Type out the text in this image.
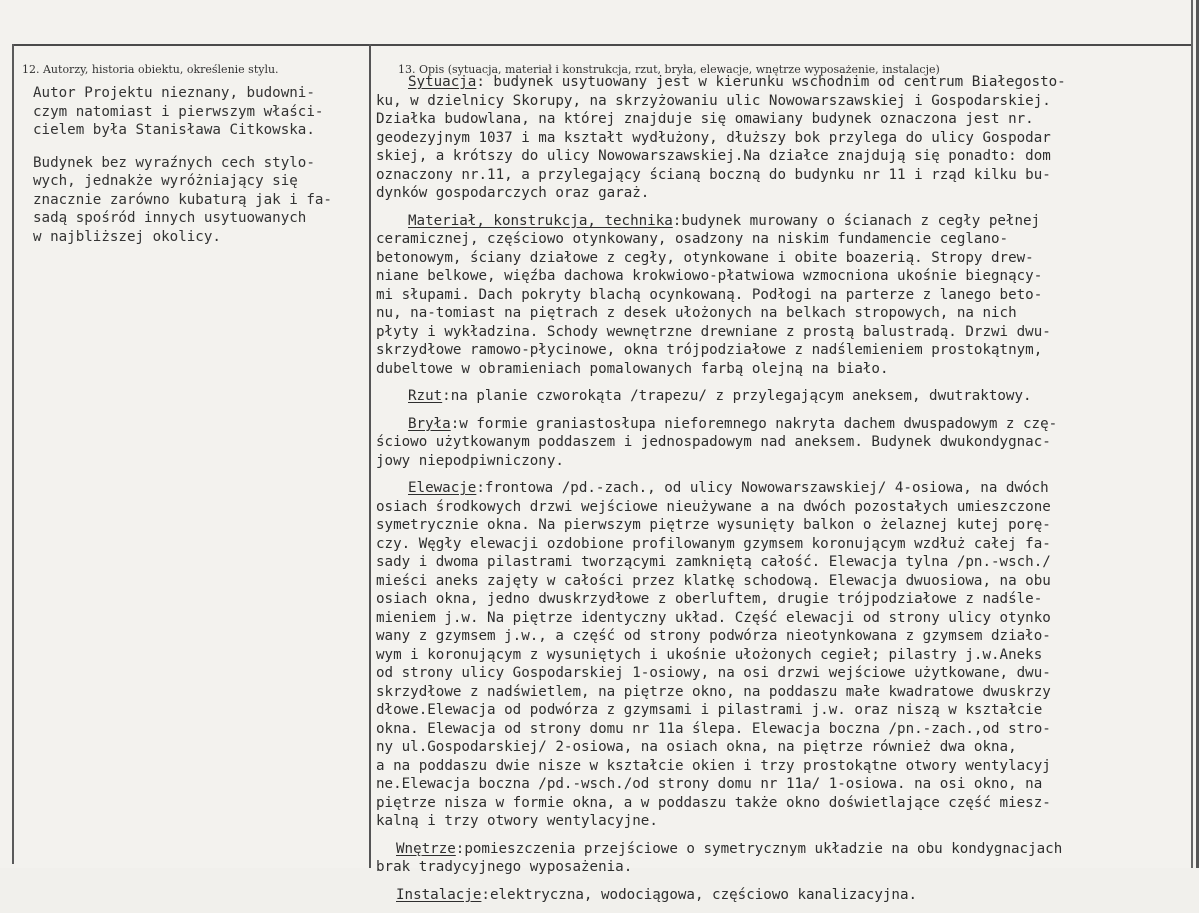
12. Autorzy, historia obiektu, określenie stylu.	13. Opis (sytuacja, materiał i konstrukcja, rzut, bryła, elewacje, wnętrze wyposażenie, instalacje)

Autor Projektu nieznany, budowni-
czym natomiast i pierwszym właści-
cielem była Stanisława Citkowska.

Budynek bez wyraźnych cech stylo-
wych, jednakże wyróżniający się
znacznie zarówno kubaturą jak i fa-
sadą spośród innych usytuowanych
w najbliższej okolicy.

Sytuacja: budynek usytuowany jest w kierunku wschodnim od centrum Białegosto-
ku, w dzielnicy Skorupy, na skrzyżowaniu ulic Nowowarszawskiej i Gospodarskiej.
Działka budowlana, na której znajduje się omawiany budynek oznaczona jest nr.
geodezyjnym 1037 i ma kształt wydłużony, dłuższy bok przylega do ulicy Gospodar
skiej, a krótszy do ulicy Nowowarszawskiej.Na działce znajdują się ponadto: dom
oznaczony nr.11, a przylegający ścianą boczną do budynku nr 11 i rząd kilku bu-
dynków gospodarczych oraz garaż.
Materiał, konstrukcja, technika:budynek murowany o ścianach z cegły pełnej
ceramicznej, częściowo otynkowany, osadzony na niskim fundamencie ceglano-
betonowym, ściany działowe z cegły, otynkowane i obite boazerią. Stropy drew-
niane belkowe, więźba dachowa krokwiowo-płatwiowa wzmocniona ukośnie biegnący-
mi słupami. Dach pokryty blachą ocynkowaną. Podłogi na parterze z lanego beto-
nu, na-tomiast na piętrach z desek ułożonych na belkach stropowych, na nich
płyty i wykładzina. Schody wewnętrzne drewniane z prostą balustradą. Drzwi dwu-
skrzydłowe ramowo-płycinowe, okna trójpodziałowe z nadślemieniem prostokątnym,
dubeltowe w obramieniach pomalowanych farbą olejną na biało.
Rzut:na planie czworokąta /trapezu/ z przylegającym aneksem, dwutraktowy.
Bryła:w formie graniastosłupa nieforemnego nakryta dachem dwuspadowym z czę-
ściowo użytkowanym poddaszem i jednospadowym nad aneksem. Budynek dwukondygnac-
jowy niepodpiwniczony.
Elewacje:frontowa /pd.-zach., od ulicy Nowowarszawskiej/ 4-osiowa, na dwóch
osiach środkowych drzwi wejściowe nieużywane a na dwóch pozostałych umieszczone
symetrycznie okna. Na pierwszym piętrze wysunięty balkon o żelaznej kutej porę-
czy. Węgły elewacji ozdobione profilowanym gzymsem koronującym wzdłuż całej fa-
sady i dwoma pilastrami tworzącymi zamkniętą całość. Elewacja tylna /pn.-wsch./
mieści aneks zajęty w całości przez klatkę schodową. Elewacja dwuosiowa, na obu
osiach okna, jedno dwuskrzydłowe z oberluftem, drugie trójpodziałowe z nadśle-
mieniem j.w. Na piętrze identyczny układ. Część elewacji od strony ulicy otynko
wany z gzymsem j.w., a część od strony podwórza nieotynkowana z gzymsem działo-
wym i koronującym z wysuniętych i ukośnie ułożonych cegieł; pilastry j.w.Aneks
od strony ulicy Gospodarskiej 1-osiowy, na osi drzwi wejściowe użytkowane, dwu-
skrzydłowe z nadświetlem, na piętrze okno, na poddaszu małe kwadratowe dwuskrzy
dłowe.Elewacja od podwórza z gzymsami i pilastrami j.w. oraz niszą w kształcie
okna. Elewacja od strony domu nr 11a ślepa. Elewacja boczna /pn.-zach.,od stro-
ny ul.Gospodarskiej/ 2-osiowa, na osiach okna, na piętrze również dwa okna,
a na poddaszu dwie nisze w kształcie okien i trzy prostokątne otwory wentylacyj
ne.Elewacja boczna /pd.-wsch./od strony domu nr 11a/ 1-osiowa. na osi okno, na
piętrze nisza w formie okna, a w poddaszu także okno doświetlające część miesz-
kalną i trzy otwory wentylacyjne.
Wnętrze:pomieszczenia przejściowe o symetrycznym układzie na obu kondygnacjach
brak tradycyjnego wyposażenia.
Instalacje:elektryczna, wodociągowa, częściowo kanalizacyjna.
